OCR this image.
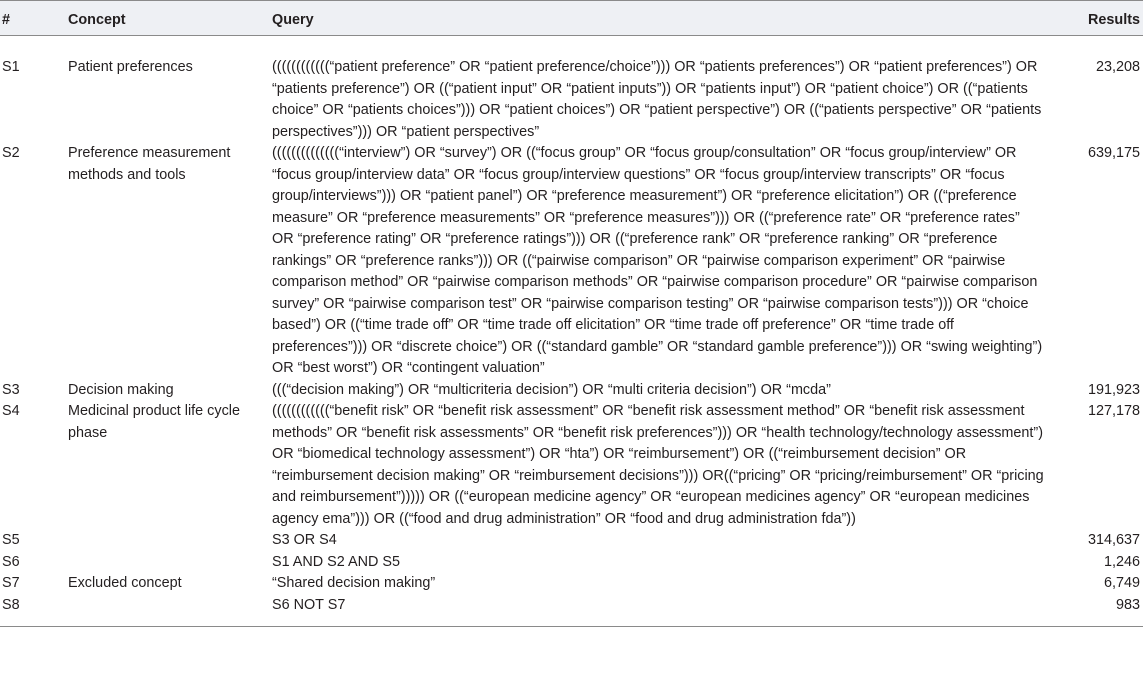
#	Concept	Query	Results
S1	Patient preferences	((((((((((((“patient preference” OR “patient preference/choice”))) OR “patients preferences”) OR “patient preferences”) OR “patients preference”) OR ((“patient input” OR “patient inputs”)) OR “patients input”) OR “patient choice”) OR ((“patients choice” OR “patients choices”))) OR “patient choices”) OR “patient perspective”) OR ((“patients perspective” OR “patients perspectives”))) OR “patient perspectives”	23,208
S2	Preference measurement methods and tools	((((((((((((((“interview”) OR “survey”) OR ((“focus group” OR “focus group/consultation” OR “focus group/interview” OR “focus group/interview data” OR “focus group/interview questions” OR “focus group/interview transcripts” OR “focus group/interviews”))) OR “patient panel”) OR “preference measurement”) OR “preference elicitation”) OR ((“preference measure” OR “preference measurements” OR “preference measures”))) OR ((“preference rate” OR “preference rates” OR “preference rating” OR “preference ratings”))) OR ((“preference rank” OR “preference ranking” OR “preference rankings” OR “preference ranks”))) OR ((“pairwise comparison” OR “pairwise comparison experiment” OR “pairwise comparison method” OR “pairwise comparison methods” OR “pairwise comparison procedure” OR “pairwise comparison survey” OR “pairwise comparison test” OR “pairwise comparison testing” OR “pairwise comparison tests”))) OR “choice based”) OR ((“time trade off” OR “time trade off elicitation” OR “time trade off preference” OR “time trade off preferences”))) OR “discrete choice”) OR ((“standard gamble” OR “standard gamble preference”))) OR “swing weighting”) OR “best worst”) OR “contingent valuation”	639,175
S3	Decision making	(((“decision making”) OR “multicriteria decision”) OR “multi criteria decision”) OR “mcda”	191,923
S4	Medicinal product life cycle phase	((((((((((((“benefit risk” OR “benefit risk assessment” OR “benefit risk assessment method” OR “benefit risk assessment methods” OR “benefit risk assessments” OR “benefit risk preferences”))) OR “health technology/technology assessment”) OR “biomedical technology assessment”) OR “hta”) OR “reimbursement”) OR ((“reimbursement decision” OR “reimbursement decision making” OR “reimbursement decisions”))) OR((“pricing” OR “pricing/reimbursement” OR “pricing and reimbursement”))))) OR ((“european medicine agency” OR “european medicines agency” OR “european medicines agency ema”))) OR ((“food and drug administration” OR “food and drug administration fda”))	127,178
S5		S3 OR S4	314,637
S6		S1 AND S2 AND S5	1,246
S7	Excluded concept	“Shared decision making”	6,749
S8		S6 NOT S7	983
